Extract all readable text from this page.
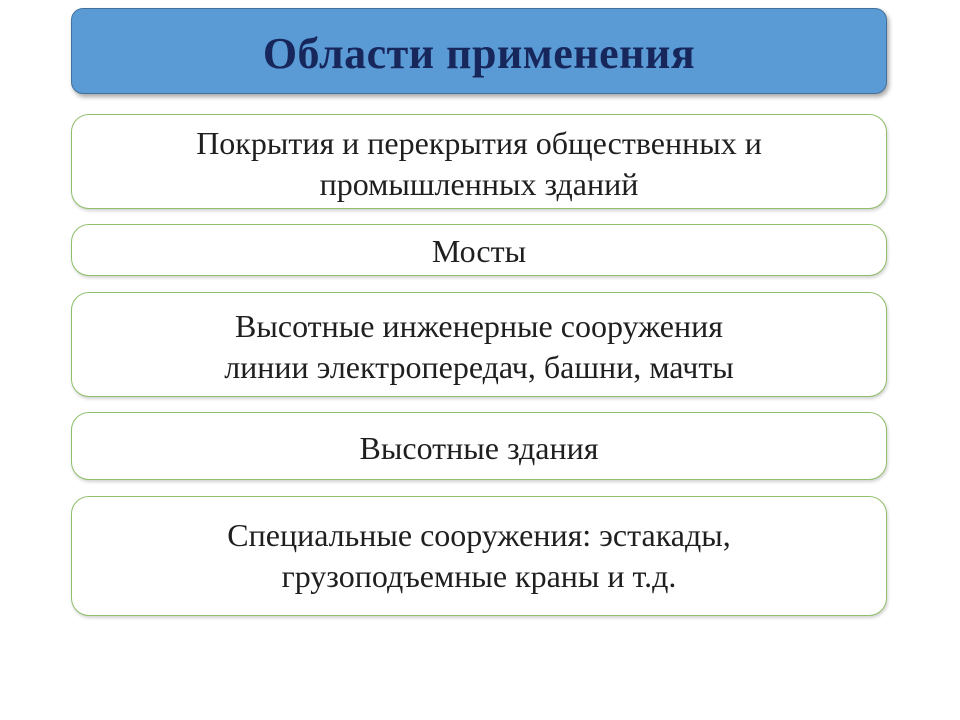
Области применения
Покрытия и перекрытия общественных и
промышленных зданий
Мосты
Высотные инженерные сооружения
линии электропередач, башни, мачты
Высотные здания
Специальные сооружения: эстакады,
грузоподъемные краны и т.д.
